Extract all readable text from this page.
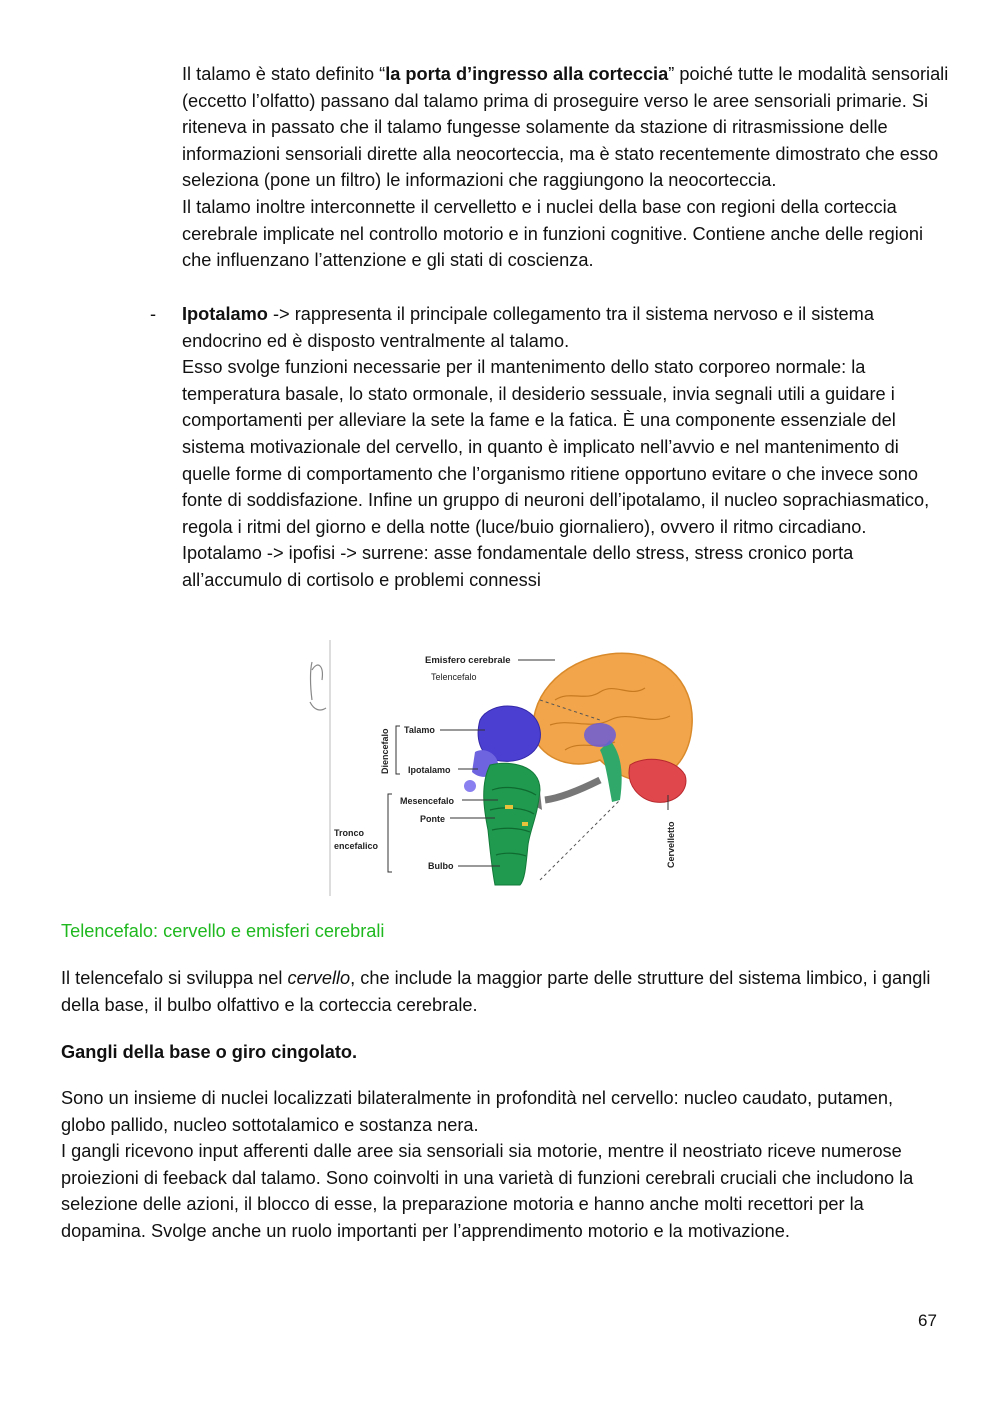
Il talamo è stato definito “la porta d’ingresso alla corteccia” poiché tutte le modalità sensoriali (eccetto l’olfatto) passano dal talamo prima di proseguire verso le aree sensoriali primarie. Si riteneva in passato che il talamo fungesse solamente da stazione di ritrasmissione delle informazioni sensoriali dirette alla neocorteccia, ma è stato recentemente dimostrato che esso seleziona (pone un filtro) le informazioni che raggiungono la neocorteccia.

Il talamo inoltre interconnette il cervelletto e i nuclei della base con regioni della corteccia cerebrale implicate nel controllo motorio e in funzioni cognitive. Contiene anche delle regioni che influenzano l’attenzione e gli stati di coscienza.

- Ipotalamo -> rappresenta il principale collegamento tra il sistema nervoso e il sistema endocrino ed è disposto ventralmente al talamo.

Esso svolge funzioni necessarie per il mantenimento dello stato corporeo normale: la temperatura basale, lo stato ormonale, il desiderio sessuale, invia segnali utili a guidare i comportamenti per alleviare la sete la fame e la fatica. È una componente essenziale del sistema motivazionale del cervello, in quanto è implicato nell’avvio e nel mantenimento di quelle forme di comportamento che l’organismo ritiene opportuno evitare o che invece sono fonte di soddisfazione. Infine un gruppo di neuroni dell’ipotalamo, il nucleo soprachiasmatico, regola i ritmi del giorno e della notte (luce/buio giornaliero), ovvero il ritmo circadiano.

Ipotalamo -> ipofisi -> surrene: asse fondamentale dello stress, stress cronico porta all’accumulo di cortisolo e problemi connessi

Emisfero cerebrale
Telencefalo
Diencefalo Talamo
Ipotalamo
Mesencefalo
Ponte
Tronco
encefalico
Bulbo	Cervelletto
Telencefalo: cervello e emisferi cerebrali

Il telencefalo si sviluppa nel cervello, che include la maggior parte delle strutture del sistema limbico, i gangli della base, il bulbo olfattivo e la corteccia cerebrale.

Gangli della base o giro cingolato.

Sono un insieme di nuclei localizzati bilateralmente in profondità nel cervello: nucleo caudato, putamen, globo pallido, nucleo sottotalamico e sostanza nera.

I gangli ricevono input afferenti dalle aree sia sensoriali sia motorie, mentre il neostriato riceve numerose proiezioni di feeback dal talamo. Sono coinvolti in una varietà di funzioni cerebrali cruciali che includono la selezione delle azioni, il blocco di esse, la preparazione motoria e hanno anche molti recettori per la dopamina. Svolge anche un ruolo importanti per l’apprendimento motorio e la motivazione.

67
